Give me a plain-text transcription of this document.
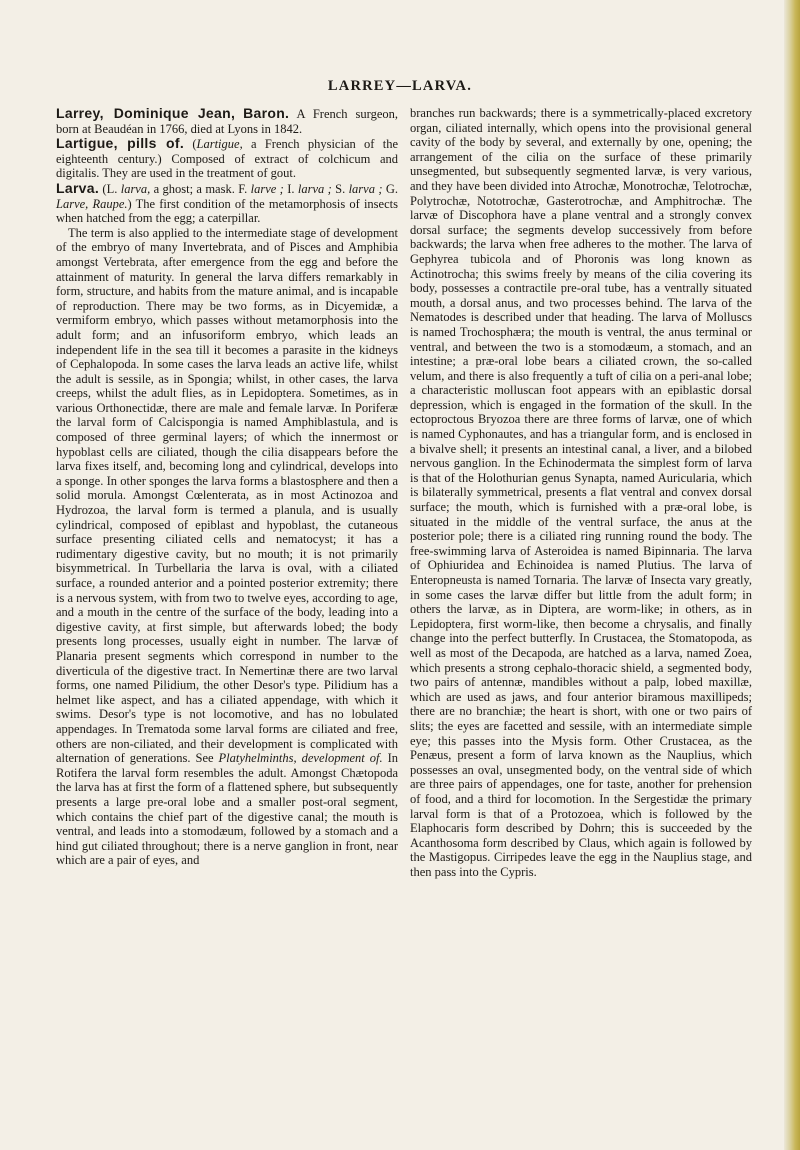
LARREY—LARVA.

Larrey, Dominique Jean, Baron. A French surgeon, born at Beaudéan in 1766, died at Lyons in 1842.

Lartigue, pills of. (Lartigue, a French physician of the eighteenth century.) Composed of extract of colchicum and digitalis. They are used in the treatment of gout.

Larva. (L. larva, a ghost; a mask. F. larve ; I. larva ; S. larva ; G. Larve, Raupe.) The first condition of the metamorphosis of insects when hatched from the egg; a caterpillar.

The term is also applied to the intermediate stage of development of the embryo of many Invertebrata, and of Pisces and Amphibia amongst Vertebrata, after emergence from the egg and before the attainment of maturity. In general the larva differs remarkably in form, structure, and habits from the mature animal, and is incapable of reproduction. There may be two forms, as in Dicyemidæ, a vermiform embryo, which passes without metamorphosis into the adult form; and an infusoriform embryo, which leads an independent life in the sea till it becomes a parasite in the kidneys of Cephalopoda. In some cases the larva leads an active life, whilst the adult is sessile, as in Spongia; whilst, in other cases, the larva creeps, whilst the adult flies, as in Lepidoptera. Sometimes, as in various Orthonectidæ, there are male and female larvæ. In Poriferæ the larval form of Calcispongia is named Amphiblastula, and is composed of three germinal layers; of which the innermost or hypoblast cells are ciliated, though the cilia disappears before the larva fixes itself, and, becoming long and cylindrical, develops into a sponge. In other sponges the larva forms a blastosphere and then a solid morula. Amongst Cœlenterata, as in most Actinozoa and Hydrozoa, the larval form is termed a planula, and is usually cylindrical, composed of epiblast and hypoblast, the cutaneous surface presenting ciliated cells and nematocyst; it has a rudimentary digestive cavity, but no mouth; it is not primarily bisymmetrical. In Turbellaria the larva is oval, with a ciliated surface, a rounded anterior and a pointed posterior extremity; there is a nervous system, with from two to twelve eyes, according to age, and a mouth in the centre of the surface of the body, leading into a digestive cavity, at first simple, but afterwards lobed; the body presents long processes, usually eight in number. The larvæ of Planaria present segments which correspond in number to the diverticula of the digestive tract. In Nemertinæ there are two larval forms, one named Pilidium, the other Desor's type. Pilidium has a helmet like aspect, and has a ciliated appendage, with which it swims. Desor's type is not locomotive, and has no lobulated appendages. In Trematoda some larval forms are ciliated and free, others are non-ciliated, and their development is complicated with alternation of generations. See Platyhelminths, development of. In Rotifera the larval form resembles the adult. Amongst Chætopoda the larva has at first the form of a flattened sphere, but subsequently presents a large pre-oral lobe and a smaller post-oral segment, which contains the chief part of the digestive canal; the mouth is ventral, and leads into a stomodæum, followed by a stomach and a hind gut ciliated throughout; there is a nerve ganglion in front, near which are a pair of eyes, and

branches run backwards; there is a symmetrically-placed excretory organ, ciliated internally, which opens into the provisional general cavity of the body by several, and externally by one, opening; the arrangement of the cilia on the surface of these primarily unsegmented, but subsequently segmented larvæ, is very various, and they have been divided into Atrochæ, Monotrochæ, Telotrochæ, Polytrochæ, Nototrochæ, Gasterotrochæ, and Amphitrochæ. The larvæ of Discophora have a plane ventral and a strongly convex dorsal surface; the segments develop successively from before backwards; the larva when free adheres to the mother. The larva of Gephyrea tubicola and of Phoronis was long known as Actinotrocha; this swims freely by means of the cilia covering its body, possesses a contractile pre-oral tube, has a ventrally situated mouth, a dorsal anus, and two processes behind. The larva of the Nematodes is described under that heading. The larva of Molluscs is named Trochosphæra; the mouth is ventral, the anus terminal or ventral, and between the two is a stomodæum, a stomach, and an intestine; a præ-oral lobe bears a ciliated crown, the so-called velum, and there is also frequently a tuft of cilia on a peri-anal lobe; a characteristic molluscan foot appears with an epiblastic dorsal depression, which is engaged in the formation of the skull. In the ectoproctous Bryozoa there are three forms of larvæ, one of which is named Cyphonautes, and has a triangular form, and is enclosed in a bivalve shell; it presents an intestinal canal, a liver, and a bilobed nervous ganglion. In the Echinodermata the simplest form of larva is that of the Holothurian genus Synapta, named Auricularia, which is bilaterally symmetrical, presents a flat ventral and convex dorsal surface; the mouth, which is furnished with a præ-oral lobe, is situated in the middle of the ventral surface, the anus at the posterior pole; there is a ciliated ring running round the body. The free-swimming larva of Asteroidea is named Bipinnaria. The larva of Ophiuridea and Echinoidea is named Plutius. The larva of Enteropneusta is named Tornaria. The larvæ of Insecta vary greatly, in some cases the larvæ differ but little from the adult form; in others the larvæ, as in Diptera, are worm-like; in others, as in Lepidoptera, first worm-like, then become a chrysalis, and finally change into the perfect butterfly. In Crustacea, the Stomatopoda, as well as most of the Decapoda, are hatched as a larva, named Zoea, which presents a strong cephalo-thoracic shield, a segmented body, two pairs of antennæ, mandibles without a palp, lobed maxillæ, which are used as jaws, and four anterior biramous maxillipeds; there are no branchiæ; the heart is short, with one or two pairs of slits; the eyes are facetted and sessile, with an intermediate simple eye; this passes into the Mysis form. Other Crustacea, as the Penæus, present a form of larva known as the Nauplius, which possesses an oval, unsegmented body, on the ventral side of which are three pairs of appendages, one for taste, another for prehension of food, and a third for locomotion. In the Sergestidæ the primary larval form is that of a Protozoea, which is followed by the Elaphocaris form described by Dohrn; this is succeeded by the Acanthosoma form described by Claus, which again is followed by the Mastigopus. Cirripedes leave the egg in the Nauplius stage, and then pass into the Cypris.
